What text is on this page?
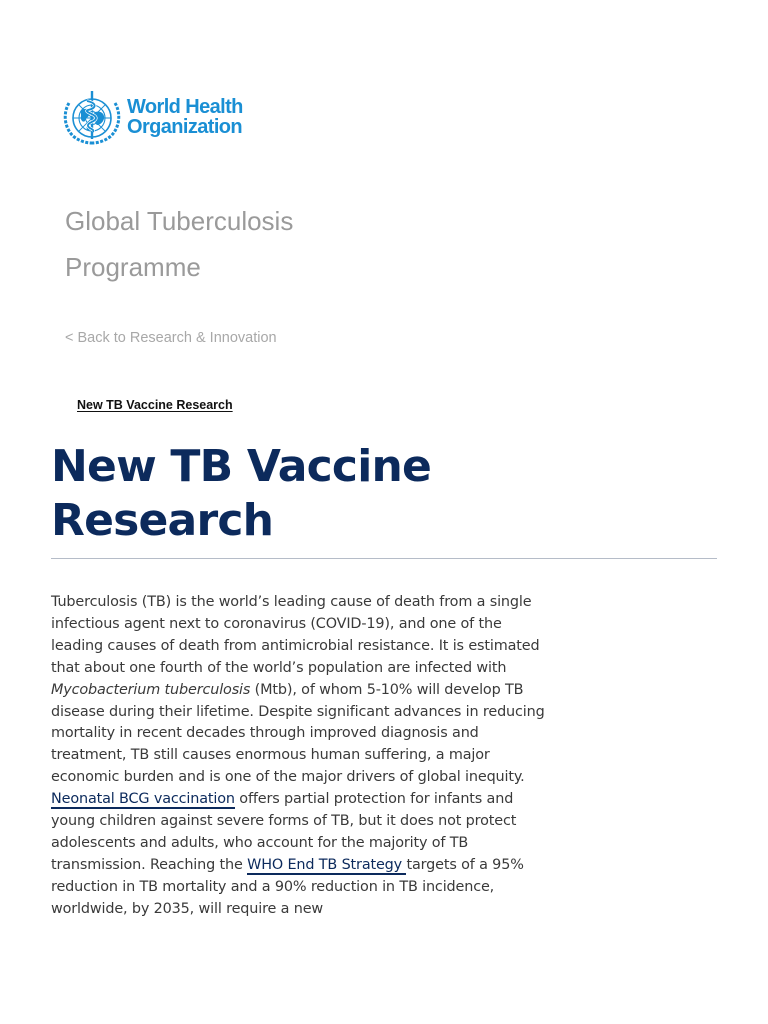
World Health
Organization
Global Tuberculosis
Programme
< Back to Research & Innovation
New TB Vaccine Research
New TB Vaccine
Research

Tuberculosis (TB) is the world’s leading cause of death from a single infectious agent next to coronavirus (COVID-19), and one of the leading causes of death from antimicrobial resistance. It is estimated that about one fourth of the world’s population are infected with Mycobacterium tuberculosis (Mtb), of whom 5-10% will develop TB disease during their lifetime. Despite significant advances in reducing mortality in recent decades through improved diagnosis and treatment, TB still causes enormous human suffering, a major economic burden and is one of the major drivers of global inequity. Neonatal BCG vaccination offers partial protection for infants and young children against severe forms of TB, but it does not protect adolescents and adults, who account for the majority of TB transmission. Reaching the WHO End TB Strategy targets of a 95% reduction in TB mortality and a 90% reduction in TB incidence, worldwide, by 2035, will require a new
